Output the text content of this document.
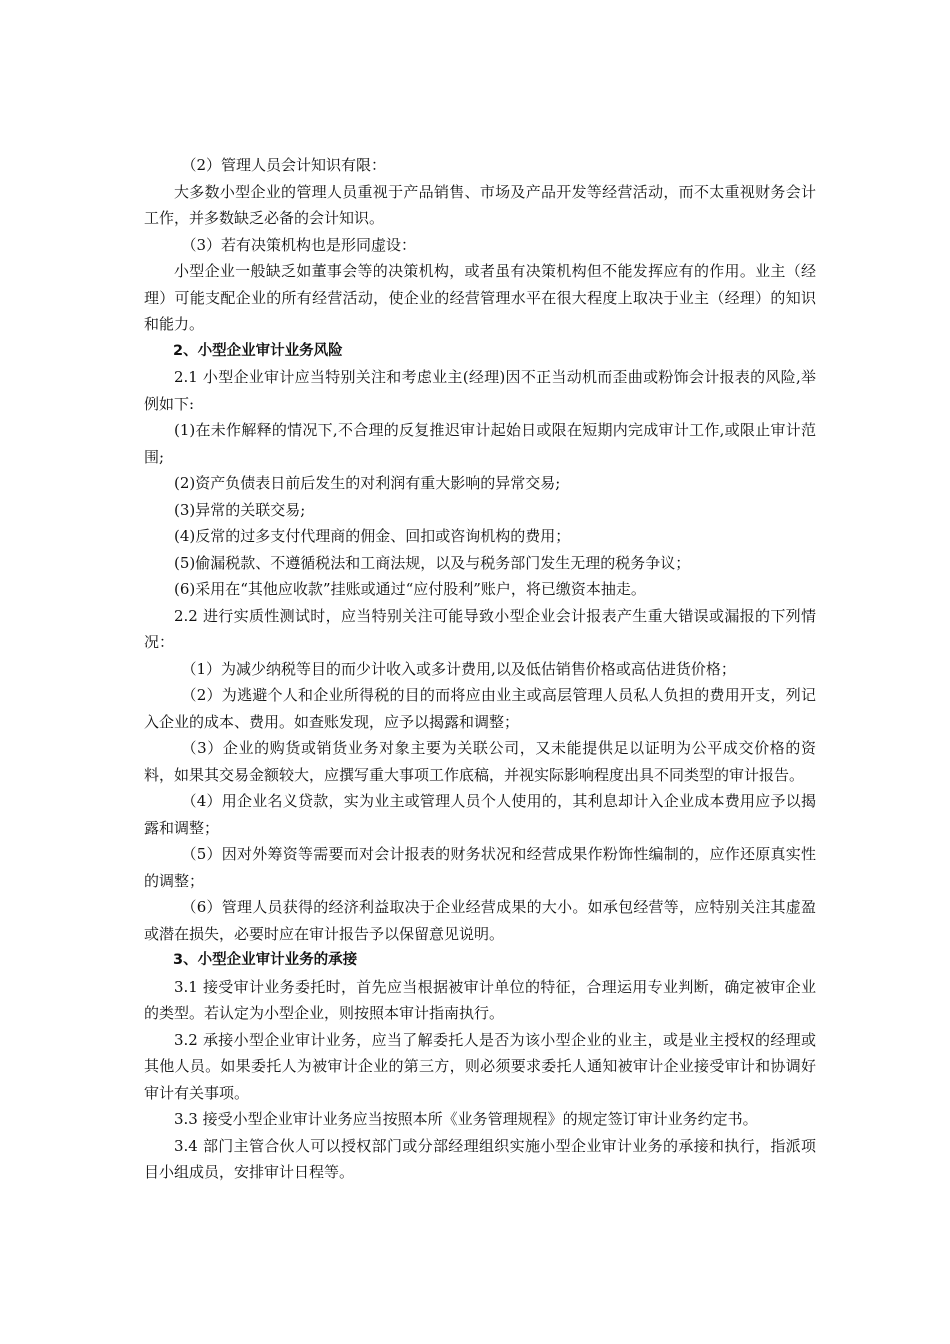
（2）管理人员会计知识有限：

大多数小型企业的管理人员重视于产品销售、市场及产品开发等经营活动，而不太重视财务会计工作，并多数缺乏必备的会计知识。

（3）若有决策机构也是形同虚设：

小型企业一般缺乏如董事会等的决策机构，或者虽有决策机构但不能发挥应有的作用。业主（经理）可能支配企业的所有经营活动，使企业的经营管理水平在很大程度上取决于业主（经理）的知识和能力。

2、小型企业审计业务风险

2.1 小型企业审计应当特别关注和考虑业主(经理)因不正当动机而歪曲或粉饰会计报表的风险,举例如下:

(1)在未作解释的情况下,不合理的反复推迟审计起始日或限在短期内完成审计工作,或限止审计范围;

(2)资产负债表日前后发生的对利润有重大影响的异常交易;

(3)异常的关联交易;

(4)反常的过多支付代理商的佣金、回扣或咨询机构的费用；

(5)偷漏税款、不遵循税法和工商法规，以及与税务部门发生无理的税务争议；

(6)采用在“其他应收款”挂账或通过“应付股利”账户，将已缴资本抽走。

2.2 进行实质性测试时，应当特别关注可能导致小型企业会计报表产生重大错误或漏报的下列情况：

（1）为减少纳税等目的而少计收入或多计费用,以及低估销售价格或高估进货价格；

（2）为逃避个人和企业所得税的目的而将应由业主或高层管理人员私人负担的费用开支，列记入企业的成本、费用。如查账发现，应予以揭露和调整；

（3）企业的购货或销货业务对象主要为关联公司，又未能提供足以证明为公平成交价格的资料，如果其交易金额较大，应撰写重大事项工作底稿，并视实际影响程度出具不同类型的审计报告。

（4）用企业名义贷款，实为业主或管理人员个人使用的，其利息却计入企业成本费用应予以揭露和调整；

（5）因对外筹资等需要而对会计报表的财务状况和经营成果作粉饰性编制的，应作还原真实性的调整；

（6）管理人员获得的经济利益取决于企业经营成果的大小。如承包经营等，应特别关注其虚盈或潜在损失，必要时应在审计报告予以保留意见说明。

3、小型企业审计业务的承接

3.1 接受审计业务委托时，首先应当根据被审计单位的特征，合理运用专业判断，确定被审企业的类型。若认定为小型企业，则按照本审计指南执行。

3.2 承接小型企业审计业务，应当了解委托人是否为该小型企业的业主，或是业主授权的经理或其他人员。如果委托人为被审计企业的第三方，则必须要求委托人通知被审计企业接受审计和协调好审计有关事项。

3.3 接受小型企业审计业务应当按照本所《业务管理规程》的规定签订审计业务约定书。

3.4 部门主管合伙人可以授权部门或分部经理组织实施小型企业审计业务的承接和执行，指派项目小组成员，安排审计日程等。
